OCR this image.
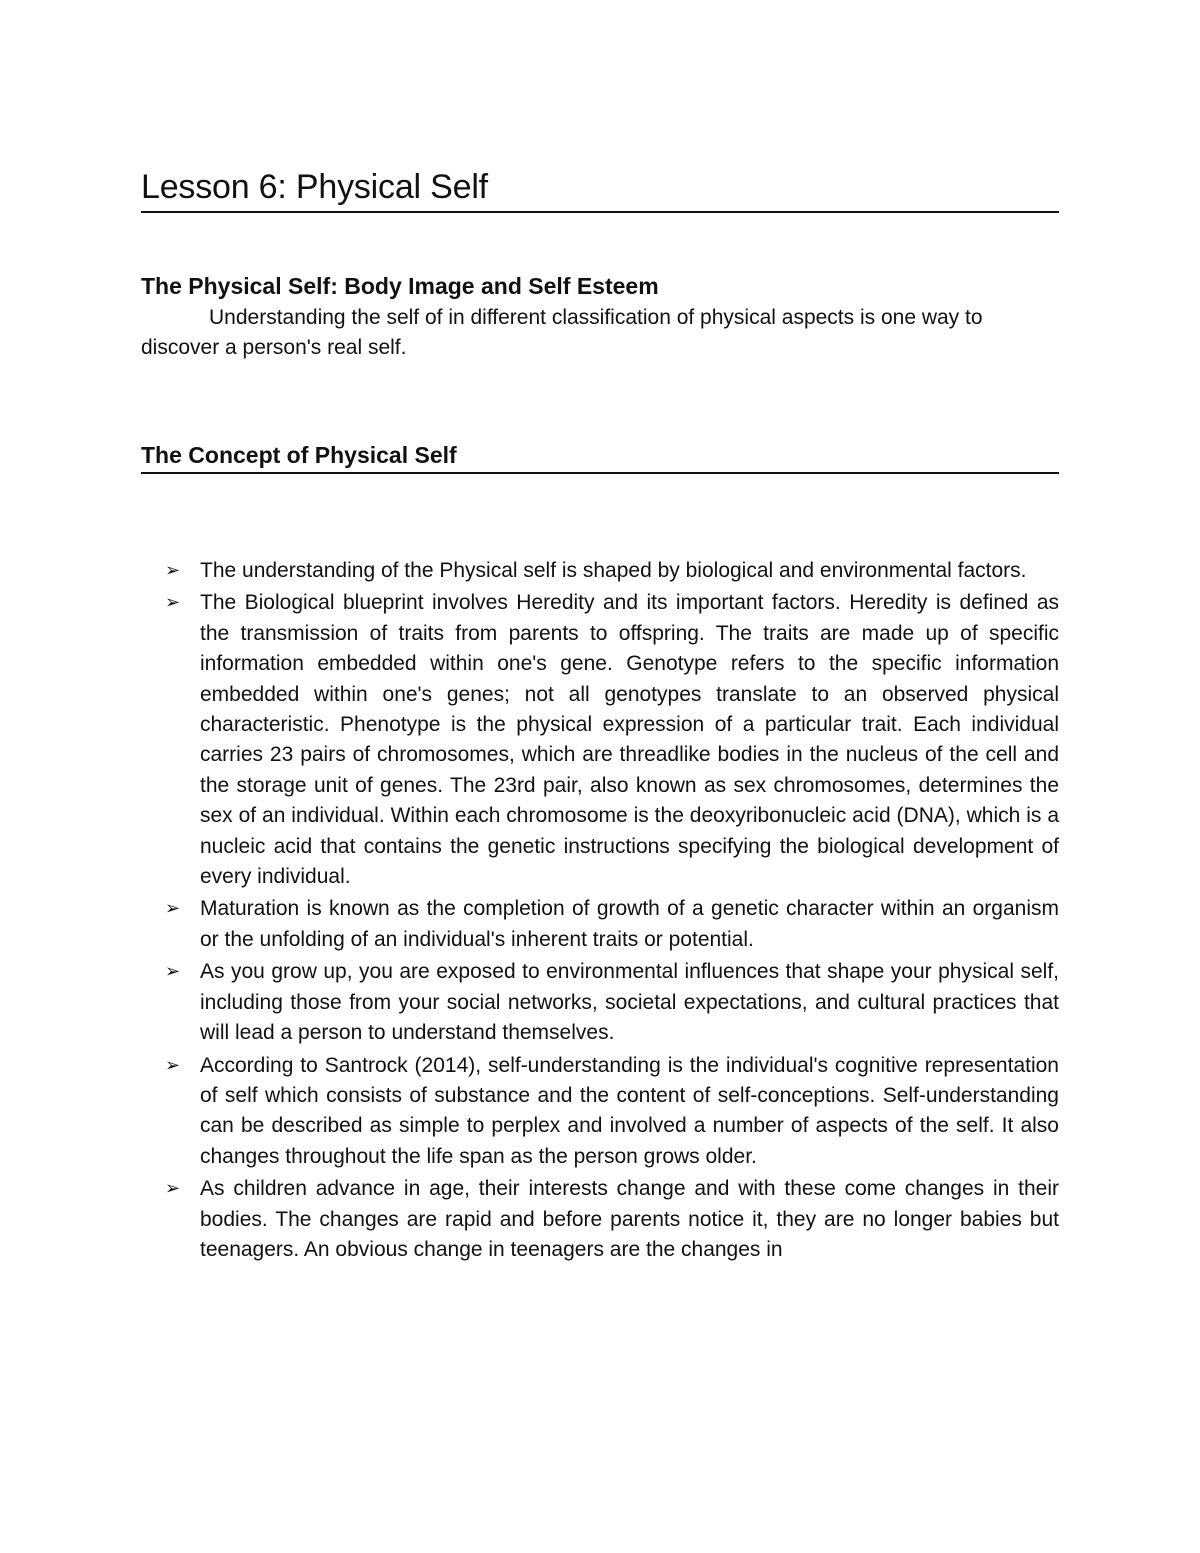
Lesson 6: Physical Self
The Physical Self: Body Image and Self Esteem

Understanding the self of in different classification of physical aspects is one way to discover a person's real self.

The Concept of Physical Self
➢ The understanding of the Physical self is shaped by biological and environmental factors.
➢ The Biological blueprint involves Heredity and its important factors. Heredity is defined as the transmission of traits from parents to offspring. The traits are made up of specific information embedded within one's gene. Genotype refers to the specific information embedded within one's genes; not all genotypes translate to an observed physical characteristic. Phenotype is the physical expression of a particular trait. Each individual carries 23 pairs of chromosomes, which are threadlike bodies in the nucleus of the cell and the storage unit of genes. The 23rd pair, also known as sex chromosomes, determines the sex of an individual. Within each chromosome is the deoxyribonucleic acid (DNA), which is a nucleic acid that contains the genetic instructions specifying the biological development of every individual.
➢ Maturation is known as the completion of growth of a genetic character within an organism or the unfolding of an individual's inherent traits or potential.
➢ As you grow up, you are exposed to environmental influences that shape your physical self, including those from your social networks, societal expectations, and cultural practices that will lead a person to understand themselves.
➢ According to Santrock (2014), self-understanding is the individual's cognitive representation of self which consists of substance and the content of self-conceptions. Self-understanding can be described as simple to perplex and involved a number of aspects of the self. It also changes throughout the life span as the person grows older.
➢ As children advance in age, their interests change and with these come changes in their bodies. The changes are rapid and before parents notice it, they are no longer babies but teenagers. An obvious change in teenagers are the changes in
